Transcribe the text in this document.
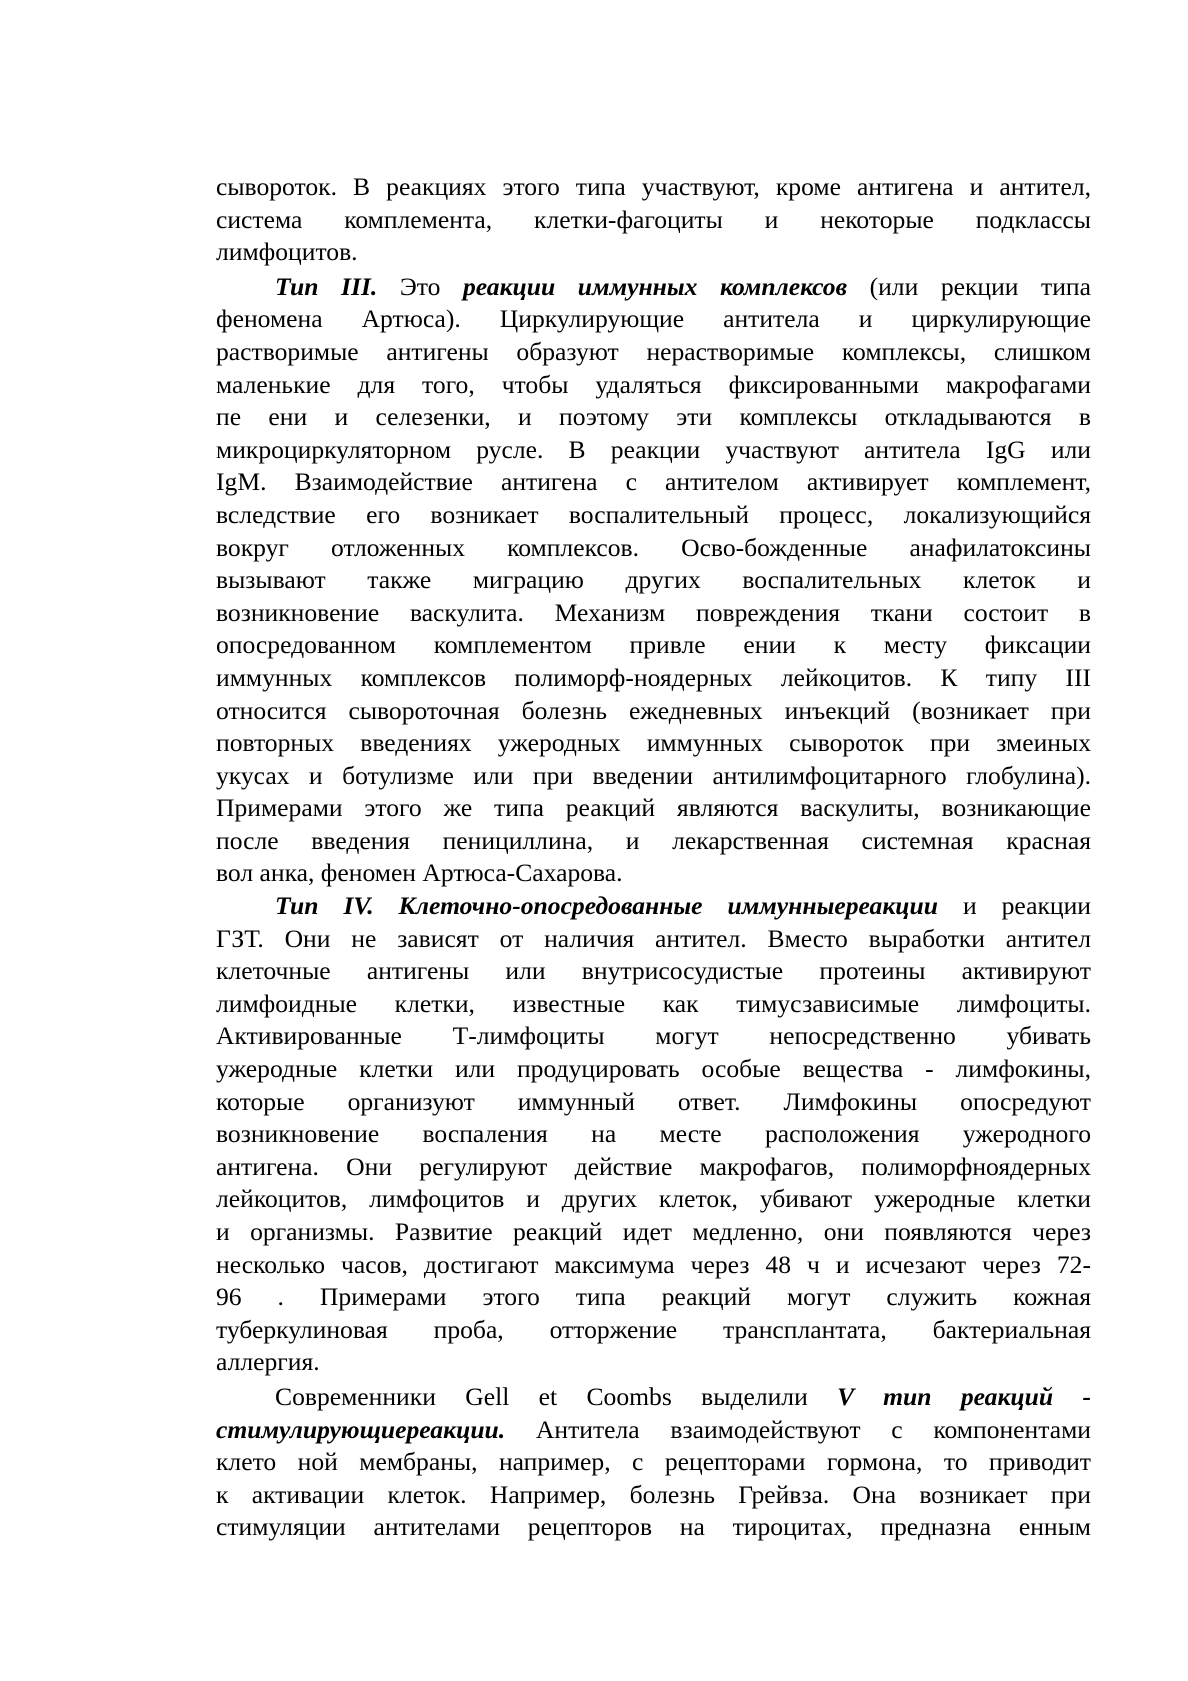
сывороток. В реакциях этого типа участвуют, кроме антигена и антител,
система комплемента, клетки-фагоциты и некоторые подклассы
лимфоцитов.
Тип III. Это реакции иммунных комплексов (или рекции типа
феномена Артюса). Циркулирующие антитела и циркулирующие
растворимые антигены образуют нерастворимые комплексы, слишком
маленькие для того, чтобы удаляться фиксированными макрофагами
пе ени и селезенки, и поэтому эти комплексы откладываются в
микроциркуляторном русле. В реакции участвуют антитела IgG или
IgM. Взаимодействие антигена с антителом активирует комплемент,
вследствие его возникает воспалительный процесс, локализующийся
вокруг отложенных комплексов. Осво-божденные анафилатоксины
вызывают также миграцию других воспалительных клеток и
возникновение васкулита. Механизм повреждения ткани состоит в
опосредованном комплементом привле ении к месту фиксации
иммунных комплексов полиморф-ноядерных лейкоцитов. К типу III
относится сывороточная болезнь ежедневных инъекций (возникает при
повторных введениях ужеродных иммунных сывороток при змеиных
укусах и ботулизме или при введении антилимфоцитарного глобулина).
Примерами этого же типа реакций являются васкулиты, возникающие
после введения пенициллина, и лекарственная системная красная
вол анка, феномен Артюса-Сахарова.
Тип IV. Клеточно-опосредованные иммунныереакции и реакции
ГЗТ. Они не зависят от наличия антител. Вместо выработки антител
клеточные антигены или внутрисосудистые протеины активируют
лимфоидные клетки, известные как тимусзависимые лимфоциты.
Активированные Т-лимфоциты могут непосредственно убивать
ужеродные клетки или продуцировать особые вещества - лимфокины,
которые организуют иммунный ответ. Лимфокины опосредуют
возникновение воспаления на месте расположения ужеродного
антигена. Они регулируют действие макрофагов, полиморфноядерных
лейкоцитов, лимфоцитов и других клеток, убивают ужеродные клетки
и организмы. Развитие реакций идет медленно, они появляются через
несколько часов, достигают максимума через 48 ч и исчезают через 72-
96 . Примерами этого типа реакций могут служить кожная
туберкулиновая проба, отторжение трансплантата, бактериальная
аллергия.
Современники Gell et Coombs выделили V тип реакций -
стимулирующиереакции. Антитела взаимодействуют с компонентами
клето ной мембраны, например, с рецепторами гормона, то приводит
к активации клеток. Например, болезнь Грейвза. Она возникает при
стимуляции антителами рецепторов на тироцитах, предназна енным
